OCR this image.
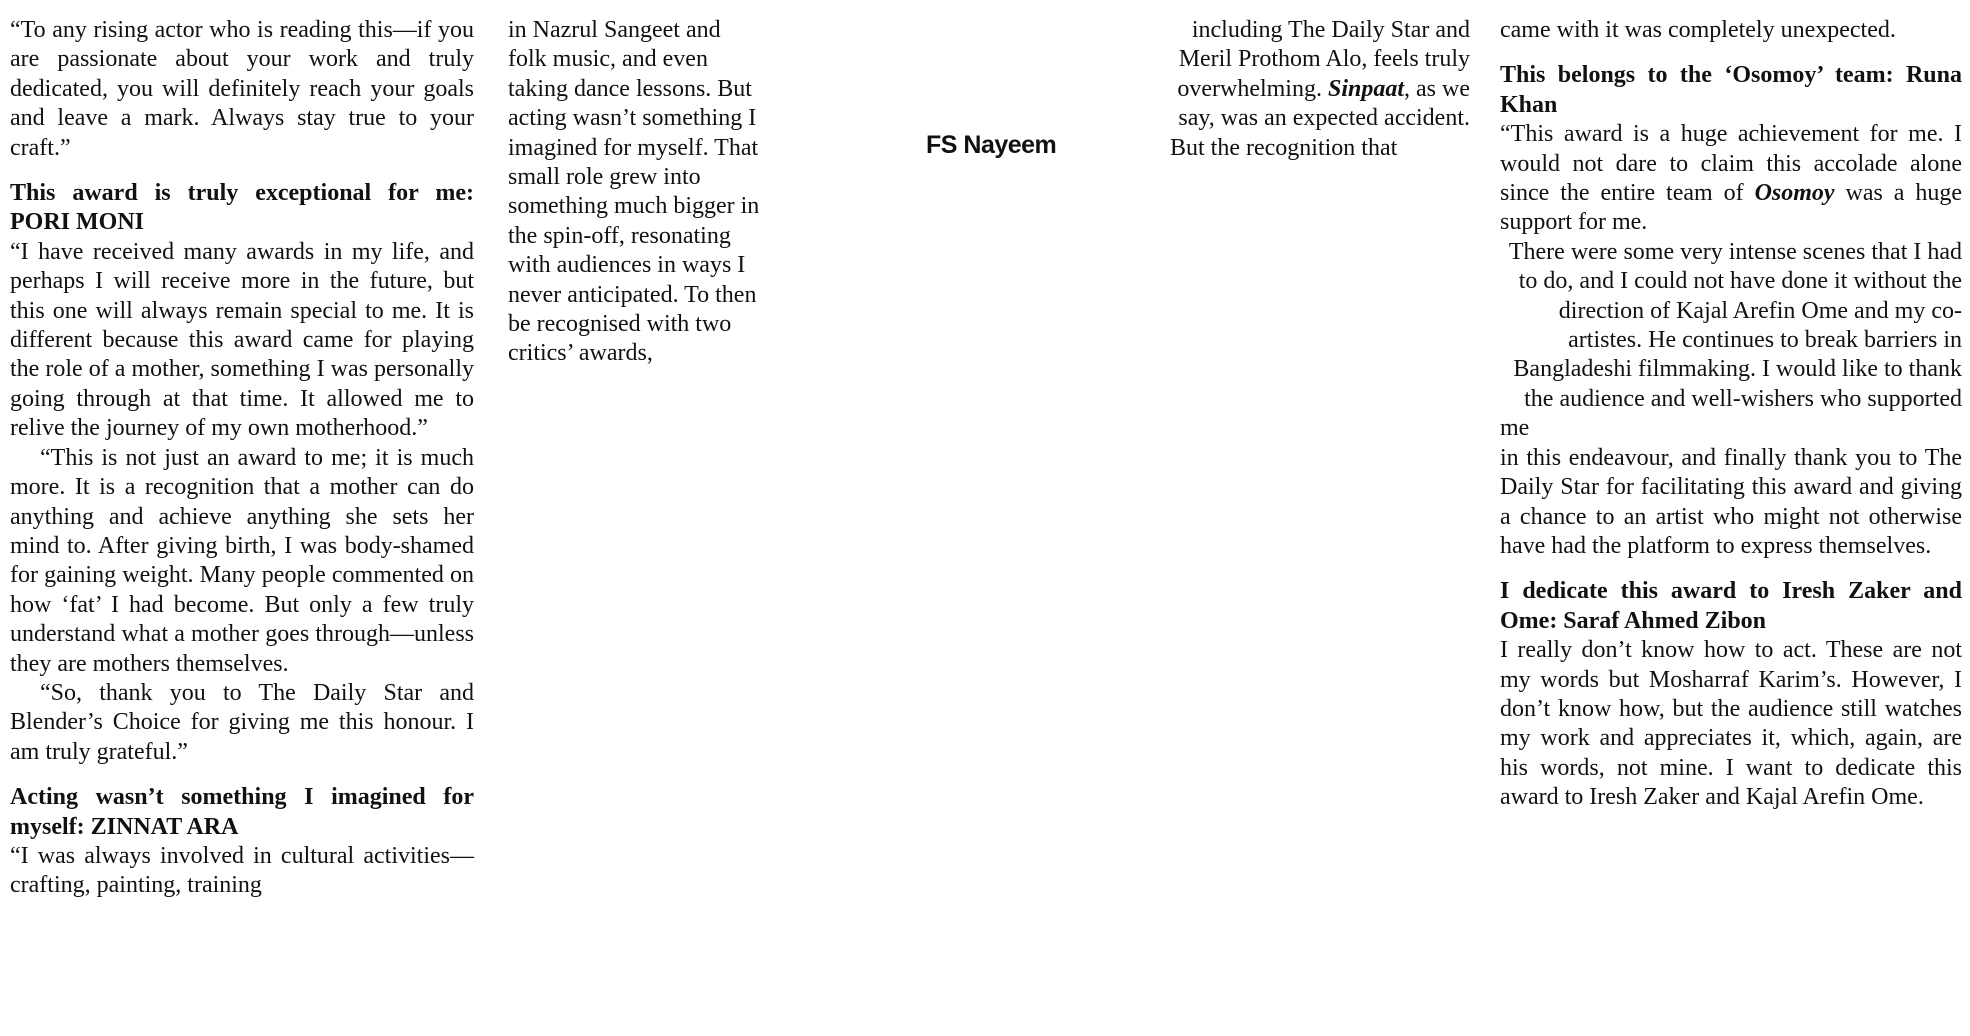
“To any rising actor who is reading this—if you are passionate about your work and truly dedicated, you will definitely reach your goals and leave a mark. Always stay true to your craft.”

This award is truly exceptional for me: PORI MONI

“I have received many awards in my life, and perhaps I will receive more in the future, but this one will always remain special to me. It is different because this award came for playing the role of a mother, something I was personally going through at that time. It allowed me to relive the journey of my own motherhood.”

“This is not just an award to me; it is much more. It is a recognition that a mother can do anything and achieve anything she sets her mind to. After giving birth, I was body-shamed for gaining weight. Many people commented on how ‘fat’ I had become. But only a few truly understand what a mother goes through—unless they are mothers themselves.

“So, thank you to The Daily Star and Blender’s Choice for giving me this honour. I am truly grateful.”

Acting wasn’t something I imagined for myself: ZINNAT ARA

“I was always involved in cultural activities—crafting, painting, training

in Nazrul Sangeet and folk music, and even taking dance lessons. But acting wasn’t something I imagined for myself. That small role grew into something much bigger in the spin-off, resonating with audiences in ways I never anticipated. To then be recognised with two critics’ awards,

FS Nayeem

including The Daily Star and Meril Prothom Alo, feels truly overwhelming. Sinpaat, as we say, was an expected accident. But the recognition that

came with it was completely unexpected.

This belongs to the ‘Osomoy’ team: Runa Khan

“This award is a huge achievement for me. I would not dare to claim this accolade alone since the entire team of Osomoy was a huge support for me.

There were some very intense scenes that I had to do, and I could not have done it without the direction of Kajal Arefin Ome and my co-artistes. He continues to break barriers in Bangladeshi filmmaking. I would like to thank the audience and well-wishers who supported me

in this endeavour, and finally thank you to The Daily Star for facilitating this award and giving a chance to an artist who might not otherwise have had the platform to express themselves.

I dedicate this award to Iresh Zaker and Ome: Saraf Ahmed Zibon

I really don’t know how to act. These are not my words but Mosharraf Karim’s. However, I don’t know how, but the audience still watches my work and appreciates it, which, again, are his words, not mine. I want to dedicate this award to Iresh Zaker and Kajal Arefin Ome.
